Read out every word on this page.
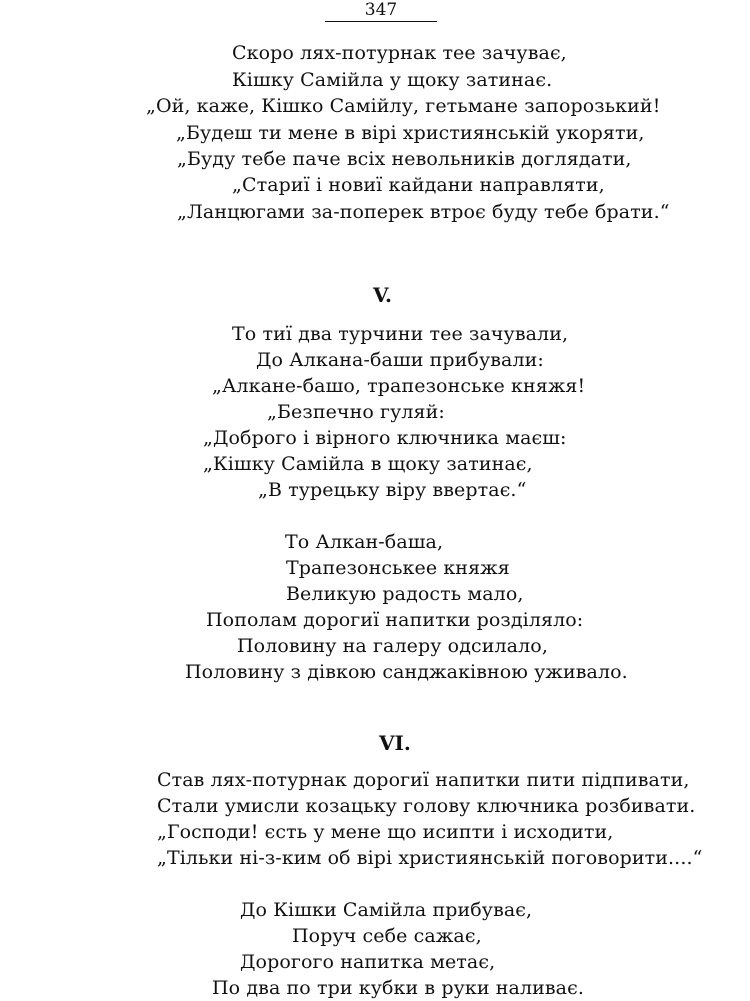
347
Скоро лях-потурнак тее зачуває,
Кішку Самійла у щоку затинає.
„Ой, каже, Кішко Самійлу, гетьмане запорозький!
„Будеш ти мене в вірі християнській укоряти,
„Буду тебе паче всіх невольників доглядати,
„Стариї і новиї кайдани направляти,
„Ланцюгами за-поперек втроє буду тебе брати.“
V.
То тиї два турчини тее зачували,
До Алкана-баши прибували:
„Алкане-башо, трапезонське княжя!
„Безпечно гуляй:
„Доброго і вірного ключника маєш:
„Кішку Самійла в щоку затинає,
„В турецьку віру ввертає.“
То Алкан-баша,
Трапезонськее княжя
Великую радость мало,
Пополам дорогиї напитки розділяло:
Половину на галеру одсилало,
Половину з дівкою санджаківною уживало.
VI.
Став лях-потурнак дорогиї напитки пити підпивати,
Стали умисли козацьку голову ключника розбивати.
„Господи! єсть у мене що исипти і исходити,
„Тільки ні-з-ким об вірі християнській поговорити....“
До Кішки Самійла прибуває,
Поруч себе сажає,
Дорогого напитка метає,
По два по три кубки в руки наливає.
